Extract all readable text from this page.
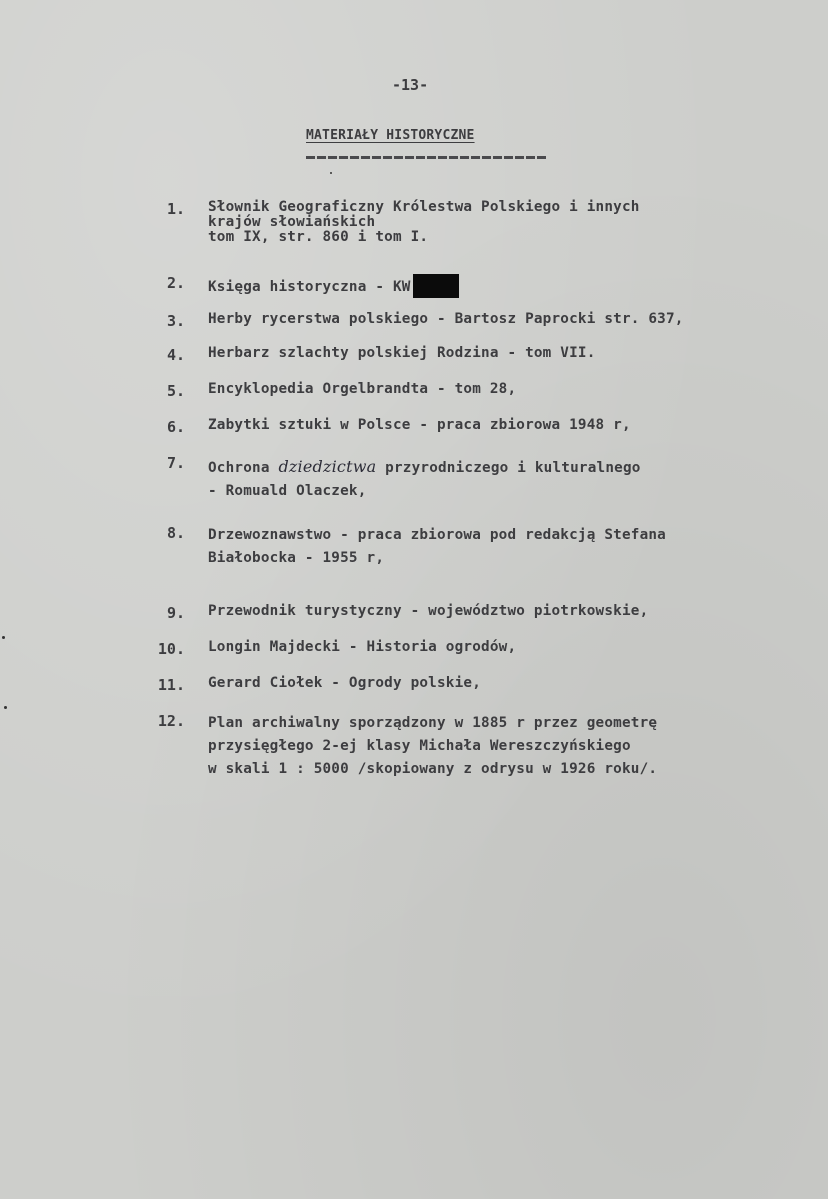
-13-
MATERIAŁY HISTORYCZNE
1. Słownik Geograficzny Królestwa Polskiego i innych
krajów słowiańskich
tom IX, str. 860 i tom I.
2. Księga historyczna - KW
3. Herby rycerstwa polskiego - Bartosz Paprocki str. 637,
4. Herbarz szlachty polskiej Rodzina - tom VII.
5. Encyklopedia Orgelbrandta - tom 28,
6. Zabytki sztuki w Polsce - praca zbiorowa 1948 r,
7. Ochrona dziedzictwa przyrodniczego i kulturalnego
- Romuald Olaczek,
8. Drzewoznawstwo - praca zbiorowa pod redakcją Stefana
Białobocka - 1955 r,
9. Przewodnik turystyczny - województwo piotrkowskie,
10. Longin Majdecki - Historia ogrodów,
11. Gerard Ciołek - Ogrody polskie,
12. Plan archiwalny sporządzony w 1885 r przez geometrę
przysięgłego 2-ej klasy Michała Wereszczyńskiego
w skali 1 : 5000 /skopiowany z odrysu w 1926 roku/.
